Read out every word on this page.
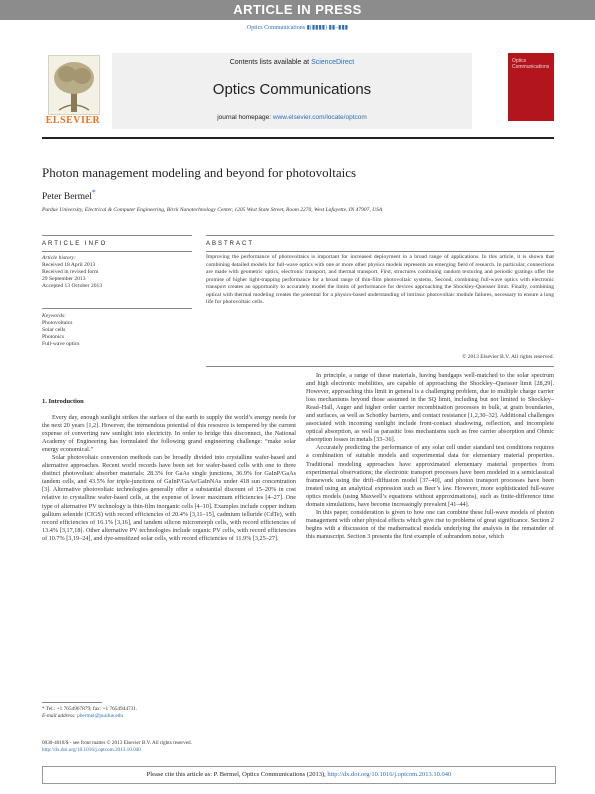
ARTICLE IN PRESS
Optics Communications ▮(▮▮▮▮) ▮▮–▮▮▮
ELSEVIER
Contents lists available at ScienceDirect
Optics Communications
journal homepage: www.elsevier.com/locate/optcom
Optics Communications
Photon management modeling and beyond for photovoltaics
Peter Bermel*
Purdue University, Electrical & Computer Engineering, Birck Nanotechnology Center, 1205 West State Street, Room 2270, West Lafayette, IN 47907, USA
ARTICLE INFO	ABSTRACT
Article history:
Received 18 April 2013
Received in revised form
29 September 2013
Accepted 13 October 2013
Keywords:
Photovoltaics
Solar cells
Photonics
Full-wave optics
Improving the performance of photovoltaics is important for increased deployment in a broad range of applications. In this article, it is shown that combining detailed models for full-wave optics with one or more other physics models represents an emerging field of research. In particular, connections are made with geometric optics, electronic transport, and thermal transport. First, structures combining random texturing and periodic gratings offer the promise of higher light-trapping performance for a broad range of thin-film photovoltaic systems. Second, combining full-wave optics with electronic transport creates an opportunity to accurately model the limits of performance for devices approaching the Shockley-Queisser limit. Finally, combining optical with thermal modeling creates the potential for a physics-based understanding of intrinsic photovoltaic module failures, necessary to ensure a long life for photovoltaic cells.
© 2013 Elsevier B.V. All rights reserved.
1. Introduction

Every day, enough sunlight strikes the surface of the earth to supply the world’s energy needs for the next 20 years [1,2]. However, the tremendous potential of this resource is tempered by the current expense of converting raw sunlight into electricity. In order to bridge this disconnect, the National Academy of Engineering has formulated the following grand engineering challenge: “make solar energy economical.”

Solar photovoltaic conversion methods can be broadly divided into crystalline wafer-based and alternative approaches. Recent world records have been set for wafer-based cells with one to three distinct photovoltaic absorber materials: 28.3% for GaAs single junctions, 36.9% for GaInP/GaAs tandem cells, and 43.5% for triple-junctions of GaInP/GaAs/GaInNAs under 418 sun concentration [3]. Alternative photovoltaic technologies generally offer a substantial discount of 15–20% in cost relative to crystalline wafer-based cells, at the expense of lower maximum efficiencies [4–27]. One type of alternative PV technology is thin-film inorganic cells [4–10]. Examples include copper indium gallium selenide (CIGS) with record efficiencies of 20.4% [3,11–15], cadmium telluride (CdTe), with record efficiencies of 16.1% [3,16], and tandem silicon micromorph cells, with record efficiencies of 13.4% [3,17,18]. Other alternative PV technologies include organic PV cells, with record efficiencies of 10.7% [3,19–24], and dye-sensitized solar cells, with record efficiencies of 11.9% [3,25–27].

In principle, a range of these materials, having bandgaps well-matched to the solar spectrum and high electronic mobilities, are capable of approaching the Shockley–Queisser limit [28,29]. However, approaching this limit in general is a challenging problem, due to multiple charge carrier loss mechanisms beyond those assumed in the SQ limit, including but not limited to Shockley–Read–Hall, Auger and higher order carrier recombination processes in bulk, at grain boundaries, and surfaces, as well as Schottky barriers, and contact resistance [1,2,30–32]. Additional challenges associated with incoming sunlight include front-contact shadowing, reflection, and incomplete optical absorption, as well as parasitic loss mechanisms such as free carrier absorption and Ohmic absorption losses in metals [33–36].

Accurately predicting the performance of any solar cell under standard test conditions requires a combination of suitable models and experimental data for elementary material properties. Traditional modeling approaches have approximated elementary material properties from experimental observations; the electronic transport processes have been modeled in a semiclassical framework using the drift–diffusion model [37–40], and photon transport processes have been treated using an analytical expression such as Beer’s law. However, more sophisticated full-wave optics models (using Maxwell’s equations without approximations), such as finite-difference time domain simulations, have become increasingly prevalent [41–44].

In this paper, consideration is given to how one can combine these full-wave models of photon management with other physical effects which give rise to problems of great significance. Section 2 begins with a discussion of the mathematical models underlying the analysis in the remainder of this manuscript. Section 3 presents the first example of subrandom noise, which

* Tel.: +1 7654967879; fax: +1 7654944731.
E-mail address: pbermel@purdue.edu
0030-4018/$ - see front matter © 2013 Elsevier B.V. All rights reserved.
http://dx.doi.org/10.1016/j.optcom.2013.10.040
Please cite this article as: P. Bermel, Optics Communications (2013), http://dx.doi.org/10.1016/j.optcom.2013.10.040
